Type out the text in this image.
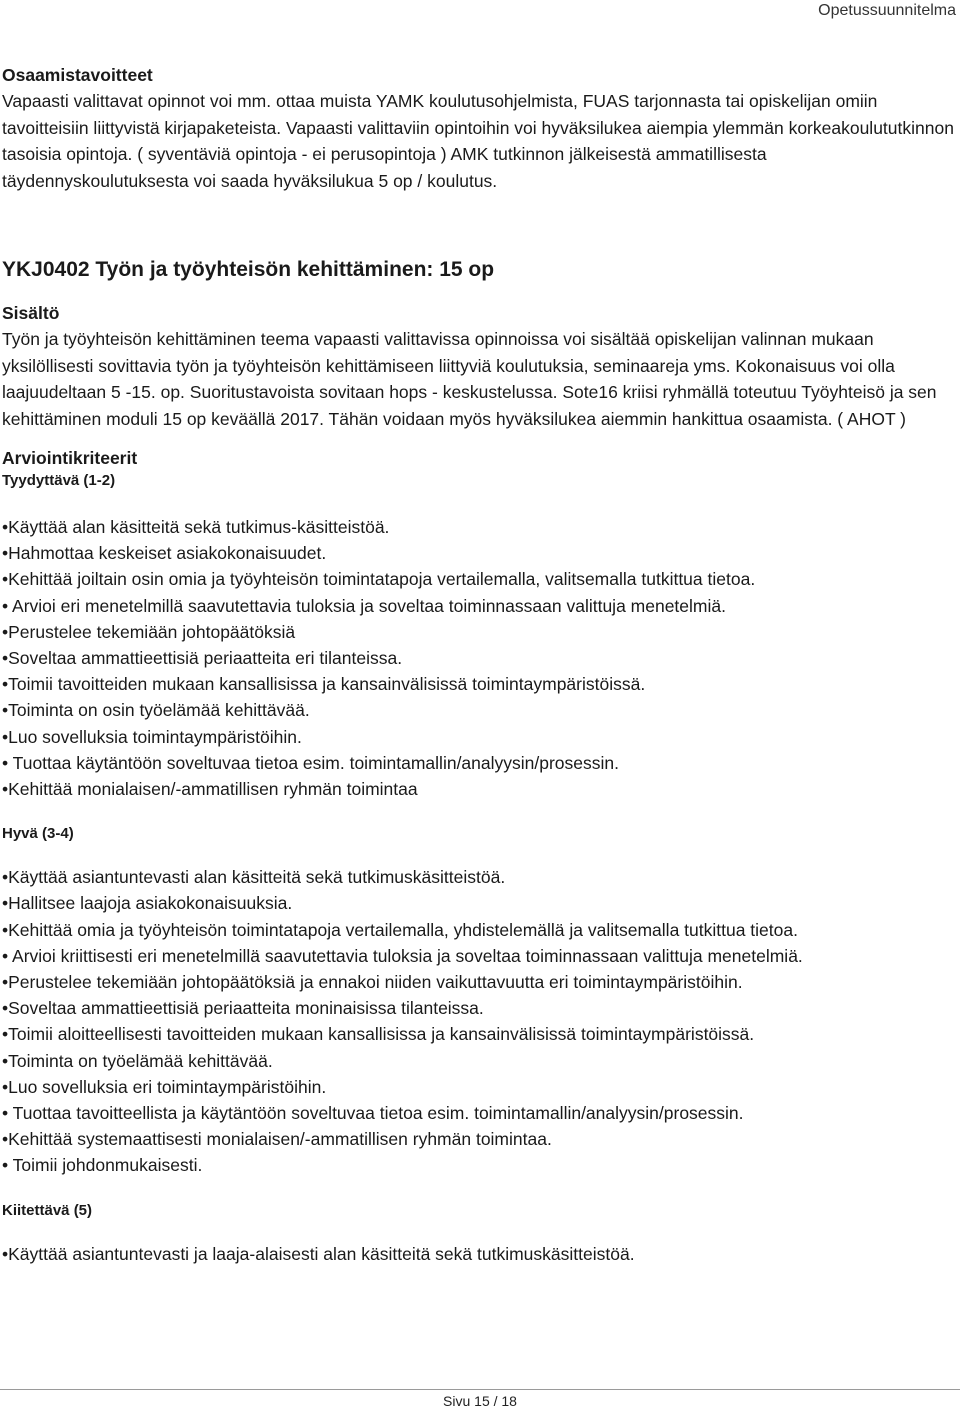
Opetussuunnitelma

Osaamistavoitteet

Vapaasti valittavat opinnot voi mm. ottaa muista YAMK koulutusohjelmista, FUAS tarjonnasta tai opiskelijan omiin tavoitteisiin liittyvistä kirjapaketeista. Vapaasti valittaviin opintoihin voi hyväksilukea aiempia ylemmän korkeakoulututkinnon tasoisia opintoja. ( syventäviä opintoja - ei perusopintoja ) AMK tutkinnon jälkeisestä ammatillisesta täydennyskoulutuksesta voi saada hyväksilukua 5 op / koulutus.

YKJ0402 Työn ja työyhteisön kehittäminen: 15 op

Sisältö

Työn ja työyhteisön kehittäminen teema vapaasti valittavissa opinnoissa voi sisältää opiskelijan valinnan mukaan yksilöllisesti sovittavia työn ja työyhteisön kehittämiseen liittyviä koulutuksia, seminaareja yms. Kokonaisuus voi olla laajuudeltaan 5 -15. op. Suoritustavoista sovitaan hops - keskustelussa. Sote16 kriisi ryhmällä toteutuu Työyhteisö ja sen kehittäminen moduli 15 op keväällä 2017. Tähän voidaan myös hyväksilukea aiemmin hankittua osaamista. ( AHOT )

Arviointikriteerit

Tyydyttävä (1-2)

•Käyttää alan käsitteitä sekä tutkimus-käsitteistöä.
•Hahmottaa keskeiset asiakokonaisuudet.
•Kehittää joiltain osin omia ja työyhteisön toimintatapoja vertailemalla, valitsemalla tutkittua tietoa.
• Arvioi eri menetelmillä saavutettavia tuloksia ja soveltaa toiminnassaan valittuja menetelmiä.
•Perustelee tekemiään johtopäätöksiä
•Soveltaa ammattieettisiä periaatteita eri tilanteissa.
•Toimii tavoitteiden mukaan kansallisissa ja kansainvälisissä toimintaympäristöissä.
•Toiminta on osin työelämää kehittävää.
•Luo sovelluksia toimintaympäristöihin.
• Tuottaa käytäntöön soveltuvaa tietoa esim. toimintamallin/analyysin/prosessin.
•Kehittää monialaisen/-ammatillisen ryhmän toimintaa

Hyvä (3-4)

•Käyttää asiantuntevasti alan käsitteitä sekä tutkimuskäsitteistöä.
•Hallitsee laajoja asiakokonaisuuksia.
•Kehittää omia ja työyhteisön toimintatapoja vertailemalla, yhdistelemällä ja valitsemalla tutkittua tietoa.
• Arvioi kriittisesti eri menetelmillä saavutettavia tuloksia ja soveltaa toiminnassaan valittuja menetelmiä.
•Perustelee tekemiään johtopäätöksiä ja ennakoi niiden vaikuttavuutta eri toimintaympäristöihin.
•Soveltaa ammattieettisiä periaatteita moninaisissa tilanteissa.
•Toimii aloitteellisesti tavoitteiden mukaan kansallisissa ja kansainvälisissä toimintaympäristöissä.
•Toiminta on työelämää kehittävää.
•Luo sovelluksia eri toimintaympäristöihin.
• Tuottaa tavoitteellista ja käytäntöön soveltuvaa tietoa esim. toimintamallin/analyysin/prosessin.
•Kehittää systemaattisesti monialaisen/-ammatillisen ryhmän toimintaa.
• Toimii johdonmukaisesti.

Kiitettävä (5)

•Käyttää asiantuntevasti ja laaja-alaisesti alan käsitteitä sekä tutkimuskäsitteistöä.
Sivu 15 / 18
